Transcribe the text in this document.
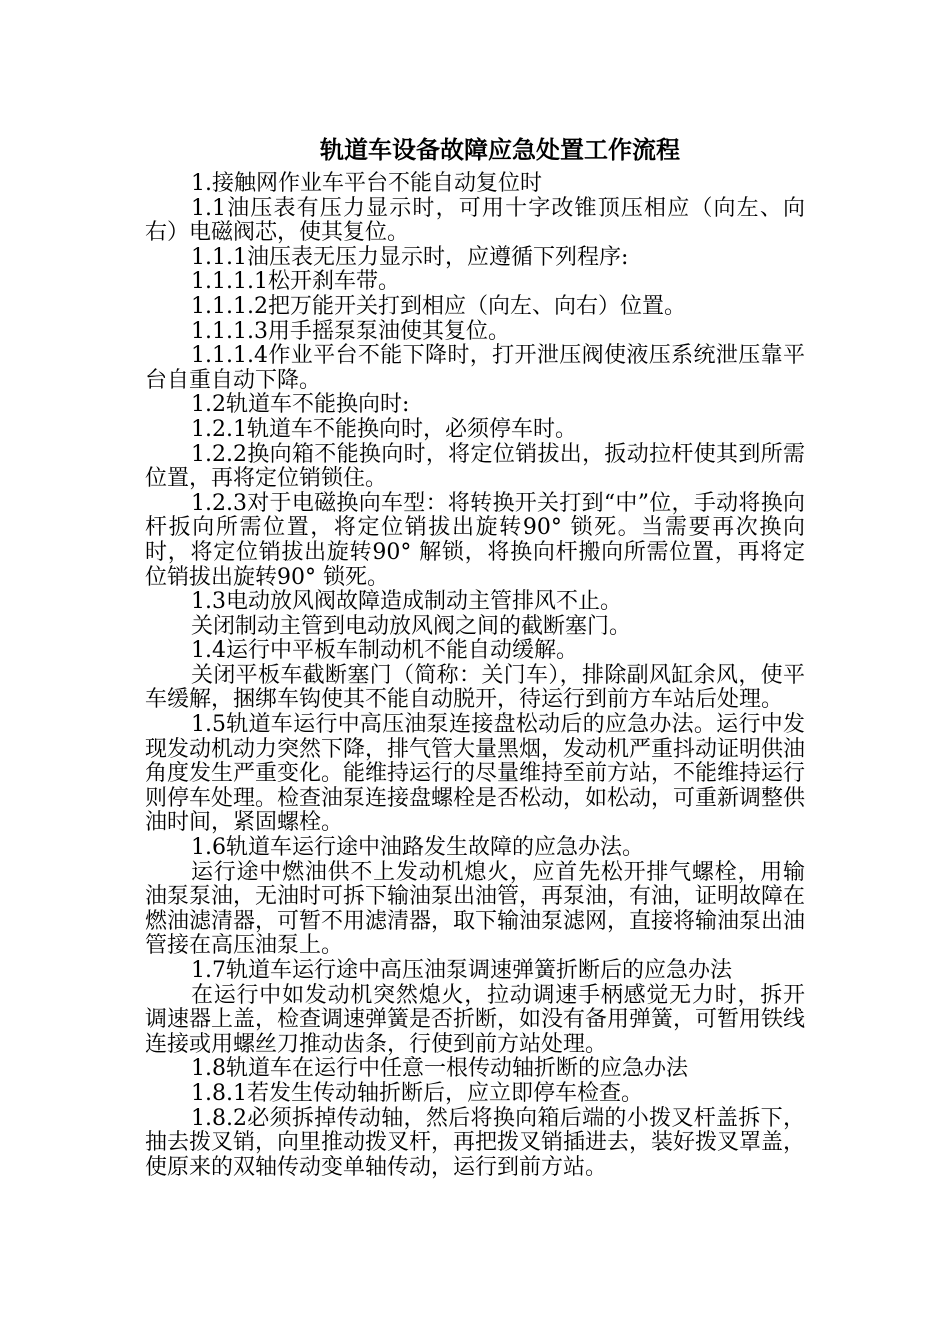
轨道车设备故障应急处置工作流程

1.接触网作业车平台不能自动复位时

1.1油压表有压力显示时，可用十字改锥顶压相应（向左、向右）电磁阀芯，使其复位。

1.1.1油压表无压力显示时，应遵循下列程序:

1.1.1.1松开刹车带。

1.1.1.2把万能开关打到相应（向左、向右）位置。

1.1.1.3用手摇泵泵油使其复位。

1.1.1.4作业平台不能下降时，打开泄压阀使液压系统泄压靠平台自重自动下降。

1.2轨道车不能换向时:

1.2.1轨道车不能换向时，必须停车时。

1.2.2换向箱不能换向时，将定位销拔出，扳动拉杆使其到所需位置，再将定位销锁住。

1.2.3对于电磁换向车型：将转换开关打到“中”位，手动将换向杆扳向所需位置，将定位销拔出旋转90° 锁死。当需要再次换向时，将定位销拔出旋转90° 解锁，将换向杆搬向所需位置，再将定位销拔出旋转90° 锁死。

1.3电动放风阀故障造成制动主管排风不止。

关闭制动主管到电动放风阀之间的截断塞门。

1.4运行中平板车制动机不能自动缓解。

关闭平板车截断塞门（简称：关门车），排除副风缸余风，使平车缓解，捆绑车钩使其不能自动脱开，待运行到前方车站后处理。

1.5轨道车运行中高压油泵连接盘松动后的应急办法。运行中发现发动机动力突然下降，排气管大量黑烟，发动机严重抖动证明供油角度发生严重变化。能维持运行的尽量维持至前方站，不能维持运行则停车处理。检查油泵连接盘螺栓是否松动，如松动，可重新调整供油时间，紧固螺栓。

1.6轨道车运行途中油路发生故障的应急办法。

运行途中燃油供不上发动机熄火，应首先松开排气螺栓，用输油泵泵油，无油时可拆下输油泵出油管，再泵油，有油，证明故障在燃油滤清器，可暂不用滤清器，取下输油泵滤网，直接将输油泵出油管接在高压油泵上。

1.7轨道车运行途中高压油泵调速弹簧折断后的应急办法

在运行中如发动机突然熄火，拉动调速手柄感觉无力时，拆开调速器上盖，检查调速弹簧是否折断，如没有备用弹簧，可暂用铁线连接或用螺丝刀推动齿条，行使到前方站处理。

1.8轨道车在运行中任意一根传动轴折断的应急办法

1.8.1若发生传动轴折断后，应立即停车检查。

1.8.2必须拆掉传动轴，然后将换向箱后端的小拨叉杆盖拆下，抽去拨叉销，向里推动拨叉杆，再把拨叉销插进去，装好拨叉罩盖，使原来的双轴传动变单轴传动，运行到前方站。
